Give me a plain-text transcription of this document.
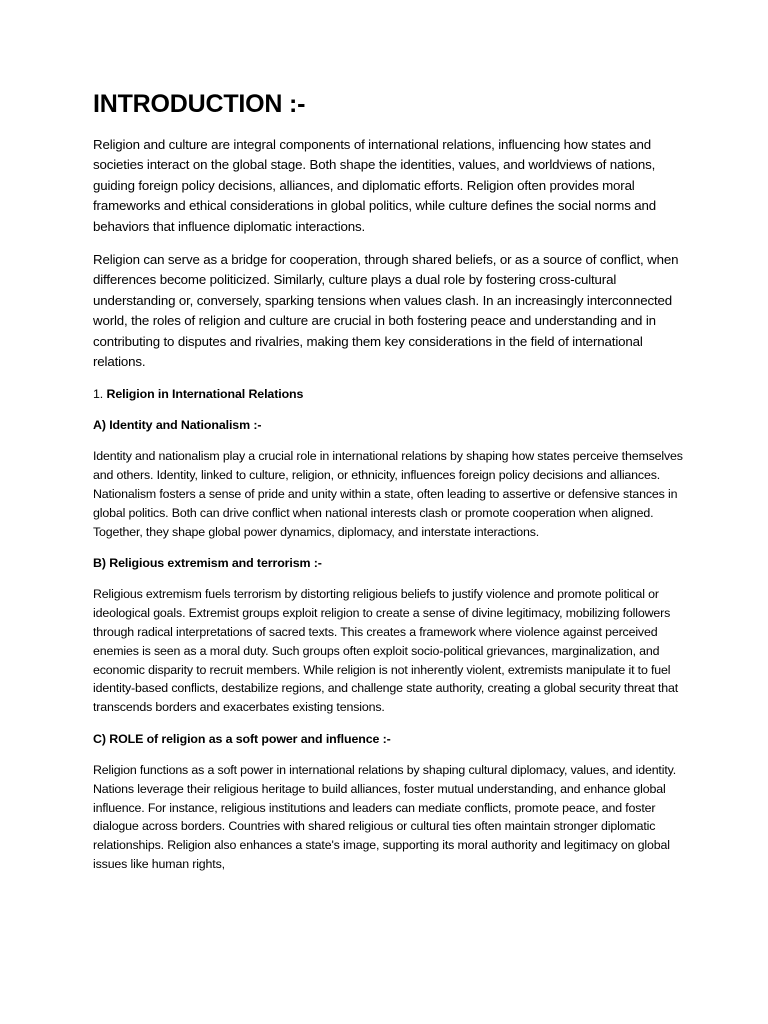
INTRODUCTION :-

Religion and culture are integral components of international relations, influencing how states and societies interact on the global stage. Both shape the identities, values, and worldviews of nations, guiding foreign policy decisions, alliances, and diplomatic efforts. Religion often provides moral frameworks and ethical considerations in global politics, while culture defines the social norms and behaviors that influence diplomatic interactions.

Religion can serve as a bridge for cooperation, through shared beliefs, or as a source of conflict, when differences become politicized. Similarly, culture plays a dual role by fostering cross-cultural understanding or, conversely, sparking tensions when values clash. In an increasingly interconnected world, the roles of religion and culture are crucial in both fostering peace and understanding and in contributing to disputes and rivalries, making them key considerations in the field of international relations.

1. Religion in International Relations

A) Identity and Nationalism :-

Identity and nationalism play a crucial role in international relations by shaping how states perceive themselves and others. Identity, linked to culture, religion, or ethnicity, influences foreign policy decisions and alliances. Nationalism fosters a sense of pride and unity within a state, often leading to assertive or defensive stances in global politics. Both can drive conflict when national interests clash or promote cooperation when aligned. Together, they shape global power dynamics, diplomacy, and interstate interactions.

B) Religious extremism and terrorism :-

Religious extremism fuels terrorism by distorting religious beliefs to justify violence and promote political or ideological goals. Extremist groups exploit religion to create a sense of divine legitimacy, mobilizing followers through radical interpretations of sacred texts. This creates a framework where violence against perceived enemies is seen as a moral duty. Such groups often exploit socio-political grievances, marginalization, and economic disparity to recruit members. While religion is not inherently violent, extremists manipulate it to fuel identity-based conflicts, destabilize regions, and challenge state authority, creating a global security threat that transcends borders and exacerbates existing tensions.

C) ROLE of religion as a soft power and influence :-

Religion functions as a soft power in international relations by shaping cultural diplomacy, values, and identity. Nations leverage their religious heritage to build alliances, foster mutual understanding, and enhance global influence. For instance, religious institutions and leaders can mediate conflicts, promote peace, and foster dialogue across borders. Countries with shared religious or cultural ties often maintain stronger diplomatic relationships. Religion also enhances a state's image, supporting its moral authority and legitimacy on global issues like human rights,
